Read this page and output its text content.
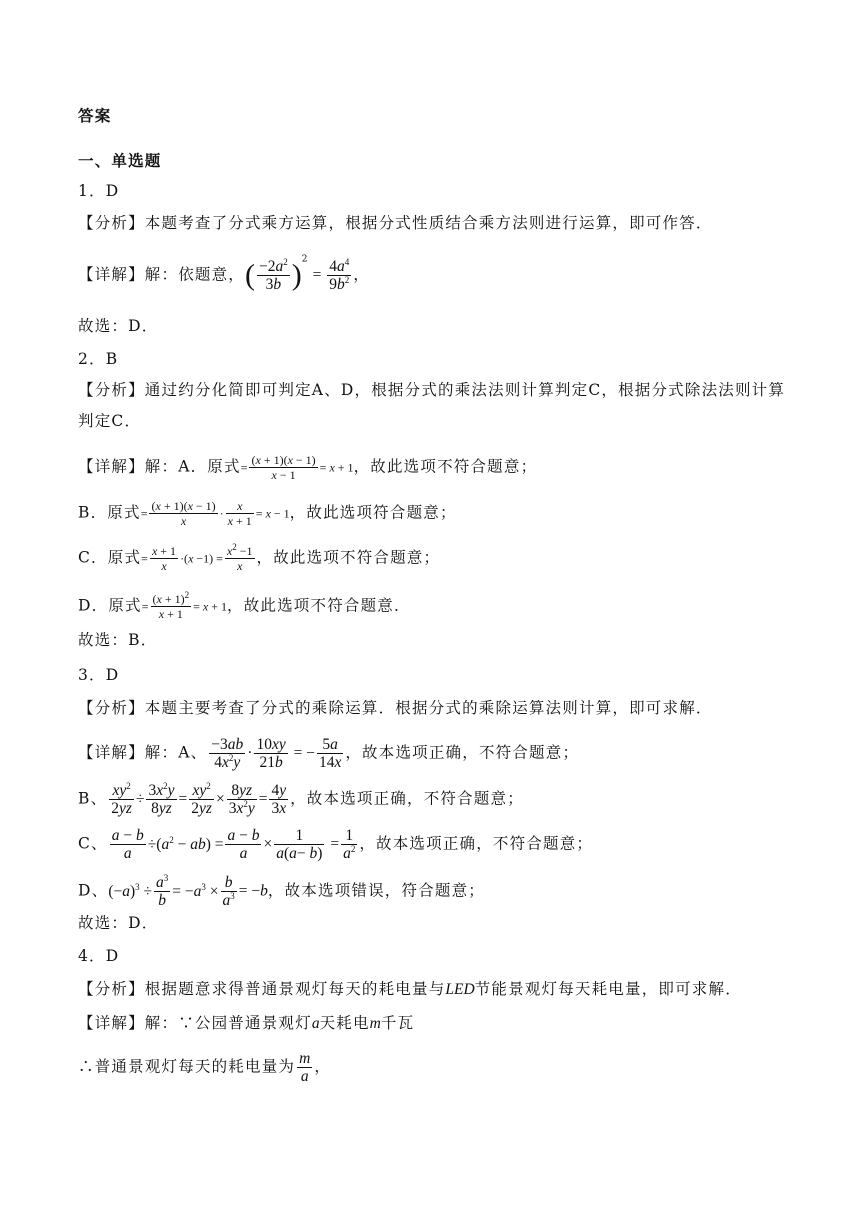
答案
一、单选题
1．D
【分析】本题考查了分式乘方运算，根据分式性质结合乘方法则进行运算，即可作答．
【详解】解：依题意，( $\frac{-2a^2}{3b} )^2 = \frac{4a^4}{9b^2}$ ，
故选：D．
2．B
【分析】通过约分化简即可判定A、D，根据分式的乘法法则计算判定C，根据分式除法法则计算判定C．
【详解】解：A．原式= $\frac{(x + 1)(x - 1)}{x - 1} = x + 1$，故此选项不符合题意；
B．原式= $\frac{(x + 1)(x - 1)}{x} \cdot \frac{x}{x + 1} = x - 1$，故此选项符合题意；
C．原式= $\frac{x + 1}{x} \cdot(x -1) = \frac{x^2 -1}{x}$ ，故此选项不符合题意；
D．原式= $\frac{(x + 1)^2}{x + 1} = x + 1$，故此选项不符合题意．
故选：B．
3．D
【分析】本题主要考查了分式的乘除运算．根据分式的乘除运算法则计算，即可求解．
【详解】解：A、 $\frac{-3ab}{4x^2y} \cdot \frac{10xy}{21b}$ = − $\frac{5a}{14x}$ ，故本选项正确，不符合题意；
B、 $\frac{xy^2}{2yz} \div \frac{3x^2y}{8yz} = \frac{xy^2}{2yz} \times \frac{8yz}{3x^2y} = \frac{4y}{3x}$ ，故本选项正确，不符合题意；
C、 $\frac{a - b}{a} \div(a^2 - ab) = \frac{a - b}{a} \times \frac{1}{a(a- b)} = \frac{1}{a^2}$ ，故本选项正确，不符合题意；
D、$(-a)^3 \div \frac{a^3}{b} = -a^3 \times \frac{b}{a^3} = -b$，故本选项错误，符合题意；
故选：D．
4．D
【分析】根据题意求得普通景观灯每天的耗电量与LED节能景观灯每天耗电量，即可求解．
【详解】解：∵公园普通景观灯a天耗电m千瓦
∴普通景观灯每天的耗电量为 $\frac{m}{a}$ ，
